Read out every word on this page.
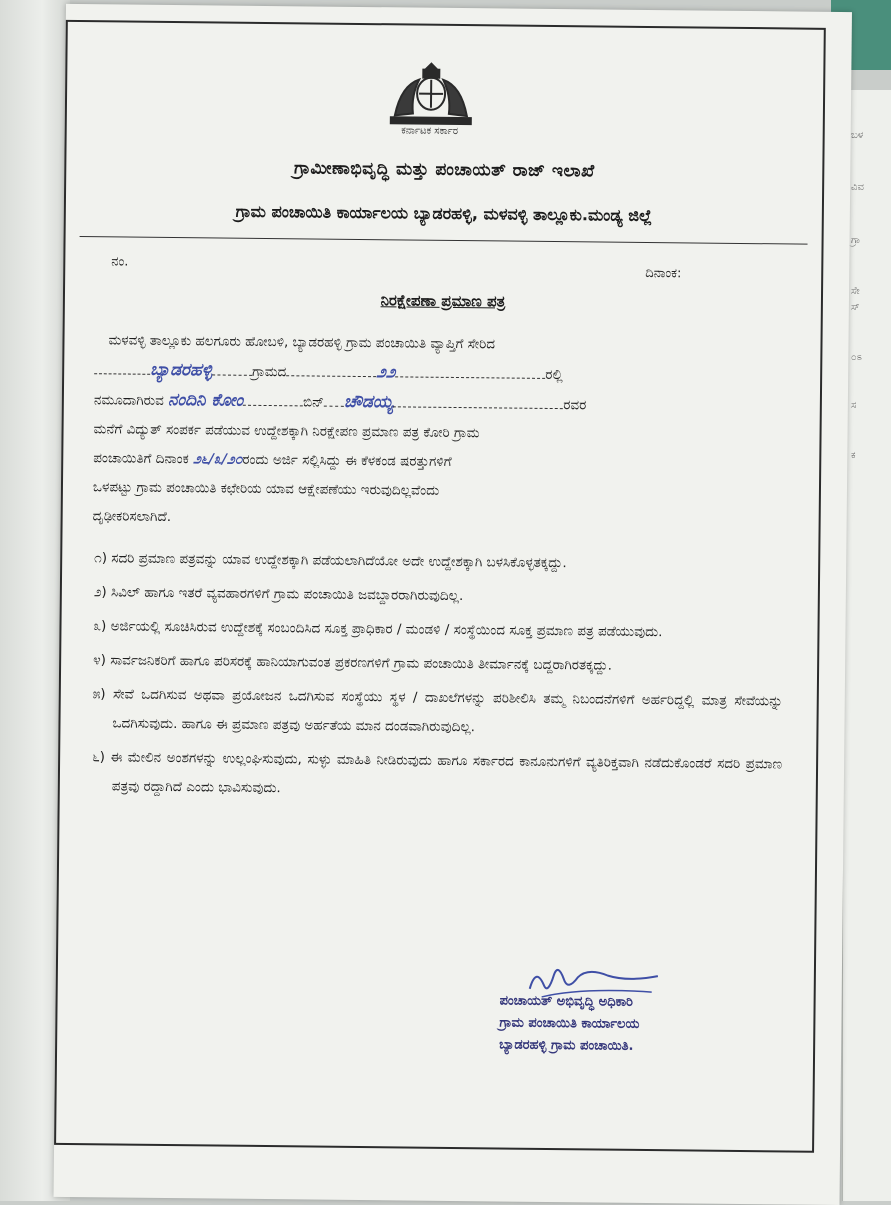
ಬಳ
ವಿವ
ಗ್ರಾ
ಸೇ
ಸ್
೦ಽ
ಸ
ಕ
ಕರ್ನಾಟಕ ಸರ್ಕಾರ
ಗ್ರಾಮೀಣಾಭಿವೃದ್ಧಿ ಮತ್ತು ಪಂಚಾಯತ್ ರಾಜ್ ಇಲಾಖೆ
ಗ್ರಾಮ ಪಂಚಾಯಿತಿ ಕಾರ್ಯಾಲಯ ಬ್ಯಾಡರಹಳ್ಳಿ, ಮಳವಳ್ಳಿ ತಾಲ್ಲೂಕು.ಮಂಡ್ಯ ಜಿಲ್ಲೆ
ನಂ.
ದಿನಾಂಕ:
ನಿರಕ್ಷೇಪಣಾ ಪ್ರಮಾಣ ಪತ್ರ
ಮಳವಳ್ಳಿ ತಾಲ್ಲೂಕು ಹಲಗೂರು ಹೋಬಳಿ, ಬ್ಯಾಡರಹಳ್ಳಿ ಗ್ರಾಮ ಪಂಚಾಯಿತಿ ವ್ಯಾಪ್ತಿಗೆ ಸೇರಿದ
ಬ್ಯಾಡರಹಳ್ಳಿ	ಗ್ರಾಮದ	೨೨	ರಲ್ಲಿ
ನಮೂದಾಗಿರುವ ನಂದಿನಿ ಕೋಂ	ಬಿನ್ ಚೌಡಯ್ಯ	ರವರ
ಮನೆಗೆ ವಿದ್ಯುತ್ ಸಂಪರ್ಕ ಪಡೆಯುವ ಉದ್ದೇಶಕ್ಕಾಗಿ ನಿರಕ್ಷೇಪಣ ಪ್ರಮಾಣ ಪತ್ರ ಕೋರಿ ಗ್ರಾಮ
ಪಂಚಾಯಿತಿಗೆ ದಿನಾಂಕ ೨೬/೩/೨೦ರಂದು ಅರ್ಜಿ ಸಲ್ಲಿಸಿದ್ದು ಈ ಕೆಳಕಂಡ ಷರತ್ತುಗಳಿಗೆ
ಒಳಪಟ್ಟು ಗ್ರಾಮ ಪಂಚಾಯಿತಿ ಕಛೇರಿಯ ಯಾವ ಆಕ್ಷೇಪಣೆಯು ಇರುವುದಿಲ್ಲವೆಂದು
ದೃಢೀಕರಿಸಲಾಗಿದೆ.
೧) ಸದರಿ ಪ್ರಮಾಣ ಪತ್ರವನ್ನು ಯಾವ ಉದ್ದೇಶಕ್ಕಾಗಿ ಪಡೆಯಲಾಗಿದೆಯೋ ಅದೇ ಉದ್ದೇಶಕ್ಕಾಗಿ ಬಳಸಿಕೊಳ್ಳತಕ್ಕದ್ದು.
೨) ಸಿವಿಲ್ ಹಾಗೂ ಇತರೆ ವ್ಯವಹಾರಗಳಿಗೆ ಗ್ರಾಮ ಪಂಚಾಯಿತಿ ಜವಬ್ದಾರರಾಗಿರುವುದಿಲ್ಲ.
೩) ಅರ್ಜಿಯಲ್ಲಿ ಸೂಚಿಸಿರುವ ಉದ್ದೇಶಕ್ಕೆ ಸಂಬಂದಿಸಿದ ಸೂಕ್ತ ಪ್ರಾಧಿಕಾರ / ಮಂಡಳಿ / ಸಂಸ್ಥೆಯಿಂದ ಸೂಕ್ತ ಪ್ರಮಾಣ ಪತ್ರ ಪಡೆಯುವುದು.
೪) ಸಾರ್ವಜನಿಕರಿಗೆ ಹಾಗೂ ಪರಿಸರಕ್ಕೆ ಹಾನಿಯಾಗುವಂತ ಪ್ರಕರಣಗಳಿಗೆ ಗ್ರಾಮ ಪಂಚಾಯಿತಿ ತೀರ್ಮಾನಕ್ಕೆ ಬದ್ದರಾಗಿರತಕ್ಕದ್ದು.
೫) ಸೇವೆ ಒದಗಿಸುವ ಅಥವಾ ಪ್ರಯೋಜನ ಒದಗಿಸುವ ಸಂಸ್ಥೆಯು ಸ್ಥಳ / ದಾಖಲೆಗಳನ್ನು ಪರಿಶೀಲಿಸಿ ತಮ್ಮ ನಿಬಂದನೆಗಳಿಗೆ ಅರ್ಹರಿದ್ದಲ್ಲಿ ಮಾತ್ರ ಸೇವೆಯನ್ನು ಒದಗಿಸುವುದು. ಹಾಗೂ ಈ ಪ್ರಮಾಣ ಪತ್ರವು ಅರ್ಹತೆಯ ಮಾನ ದಂಡವಾಗಿರುವುದಿಲ್ಲ.
೬) ಈ ಮೇಲಿನ ಅಂಶಗಳನ್ನು ಉಲ್ಲಂಘಿಸುವುದು, ಸುಳ್ಳು ಮಾಹಿತಿ ನೀಡಿರುವುದು ಹಾಗೂ ಸರ್ಕಾರದ ಕಾನೂನುಗಳಿಗೆ ವ್ಯತಿರಿಕ್ತವಾಗಿ ನಡೆದುಕೊಂಡರೆ ಸದರಿ ಪ್ರಮಾಣ ಪತ್ರವು ರದ್ದಾಗಿದೆ ಎಂದು ಭಾವಿಸುವುದು.
ಪಂಚಾಯತ್ ಅಭಿವೃದ್ಧಿ ಅಧಿಕಾರಿ
ಗ್ರಾಮ ಪಂಚಾಯಿತಿ ಕಾರ್ಯಾಲಯ
ಬ್ಯಾಡರಹಳ್ಳಿ ಗ್ರಾಮ ಪಂಚಾಯಿತಿ.
